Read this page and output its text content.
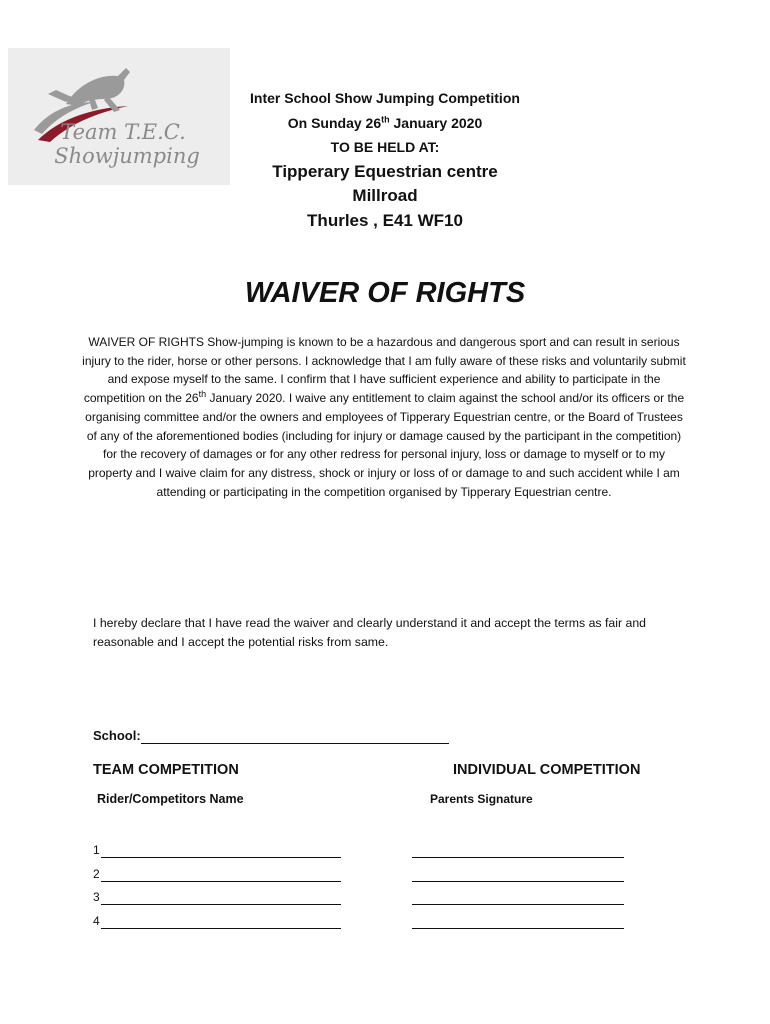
Team T.E.C.
Showjumping
Inter School Show Jumping Competition
On Sunday 26th January 2020
TO BE HELD AT:
Tipperary Equestrian centre
Millroad
Thurles , E41 WF10
WAIVER OF RIGHTS

WAIVER OF RIGHTS Show-jumping is known to be a hazardous and dangerous sport and can result in serious injury to the rider, horse or other persons. I acknowledge that I am fully aware of these risks and voluntarily submit and expose myself to the same. I confirm that I have sufficient experience and ability to participate in the competition on the 26th January 2020. I waive any entitlement to claim against the school and/or its officers or the organising committee and/or the owners and employees of Tipperary Equestrian centre, or the Board of Trustees of any of the aforementioned bodies (including for injury or damage caused by the participant in the competition) for the recovery of damages or for any other redress for personal injury, loss or damage to myself or to my property and I waive claim for any distress, shock or injury or loss of or damage to and such accident while I am attending or participating in the competition organised by Tipperary Equestrian centre.

I hereby declare that I have read the waiver and clearly understand it and accept the terms as fair and reasonable and I accept the potential risks from same.

School:
TEAM COMPETITION	INDIVIDUAL COMPETITION
Rider/Competitors Name	Parents Signature
1
2
3
4
